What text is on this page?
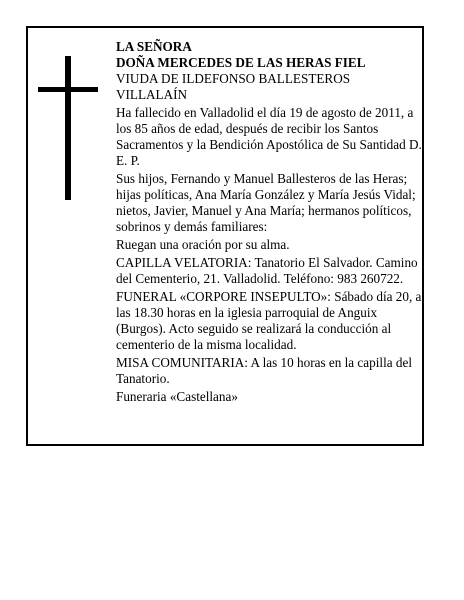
LA SEÑORA

DOÑA MERCEDES DE LAS HERAS FIEL

VIUDA DE ILDEFONSO BALLESTEROS VILLALAÍN

Ha fallecido en Valladolid el día 19 de agosto de 2011, a los 85 años de edad, después de recibir los Santos Sacramentos y la Bendición Apostólica de Su Santidad D. E. P.

Sus hijos, Fernando y Manuel Ballesteros de las Heras; hijas políticas, Ana María González y María Jesús Vidal; nietos, Javier, Manuel y Ana María; hermanos políticos, sobrinos y demás familiares:

Ruegan una oración por su alma.

CAPILLA VELATORIA: Tanatorio El Salvador. Camino del Cementerio, 21. Valladolid. Teléfono: 983 260722.

FUNERAL «CORPORE INSEPULTO»: Sábado día 20, a las 18.30 horas en la iglesia parroquial de Anguix (Burgos). Acto seguido se realizará la conducción al cementerio de la misma localidad.

MISA COMUNITARIA: A las 10 horas en la capilla del Tanatorio.

Funeraria «Castellana»
